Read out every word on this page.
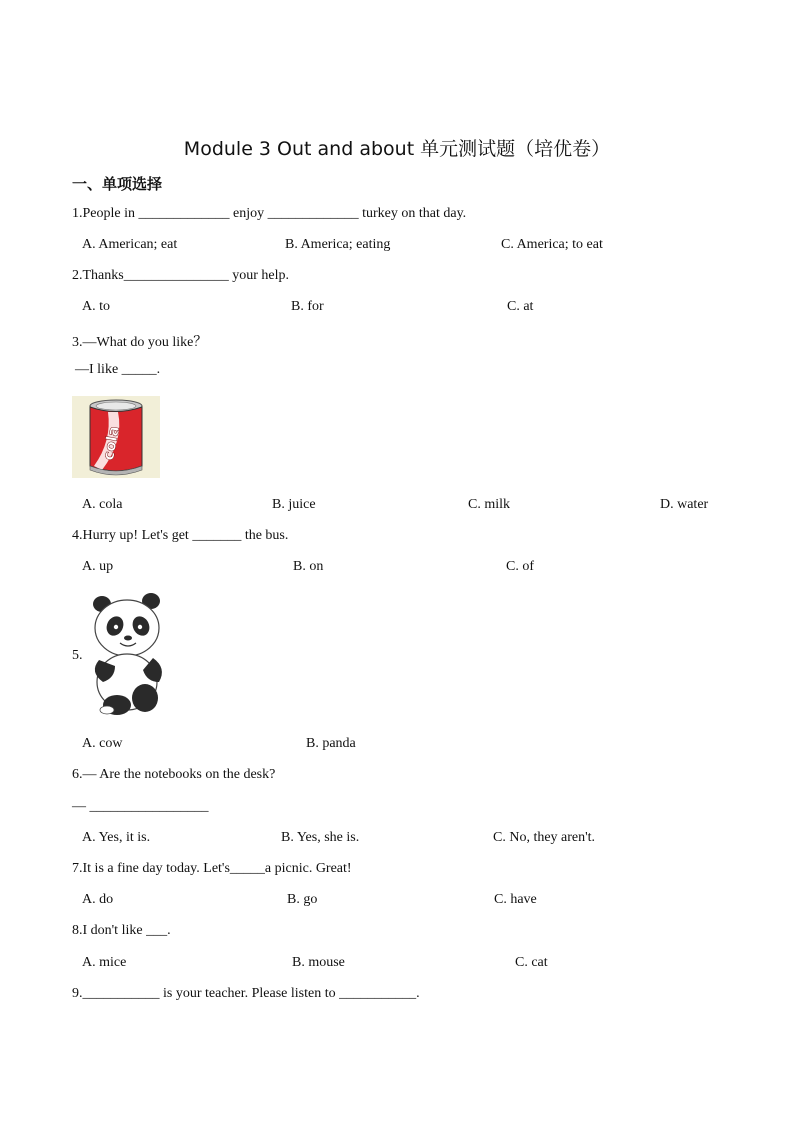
Module 3 Out and about 单元测试题（培优卷）
一、单项选择
1.People in _____________ enjoy _____________ turkey on that day.
A. American; eat	B. America; eating	C. America; to eat
2.Thanks_______________ your help.
A. to	B. for	C. at
3.—What do you like？
—I like _____.
cola
A. cola	B. juice	C. milk	D. water
4.Hurry up! Let's get _______ the bus.
A. up	B. on	C. of
5.
A. cow	B. panda
6.— Are the notebooks on the desk?
— _________________
A. Yes, it is.	B. Yes, she is.	C. No, they aren't.
7.It is a fine day today. Let's_____a picnic. Great!
A. do	B. go	C. have
8.I don't like ___.
A. mice	B. mouse	C. cat
9.___________ is your teacher. Please listen to ___________.
